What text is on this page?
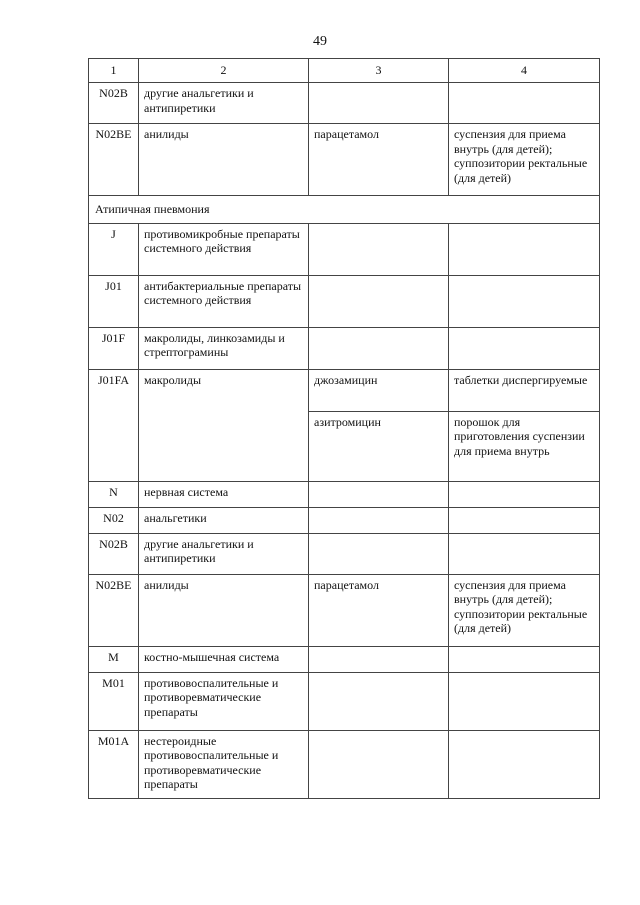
49
1	2	3	4
N02B	другие анальгетики и антипиретики		
N02BE	анилиды	парацетамол	суспензия для приема внутрь (для детей); суппозитории ректальные (для детей)
Атипичная пневмония			
J	противомикробные препараты системного действия		
J01	антибактериальные препараты системного действия		
J01F	макролиды, линкозамиды и стрептограмины		
J01FA	макролиды	джозамицин	таблетки диспергируемые
		азитромицин	порошок для приготовления суспензии для приема внутрь
N	нервная система		
N02	анальгетики		
N02B	другие анальгетики и антипиретики		
N02BE	анилиды	парацетамол	суспензия для приема внутрь (для детей); суппозитории ректальные (для детей)
M	костно-мышечная система		
M01	противовоспалительные и противоревматические препараты		
M01A	нестероидные противовоспалительные и противоревматические препараты		
